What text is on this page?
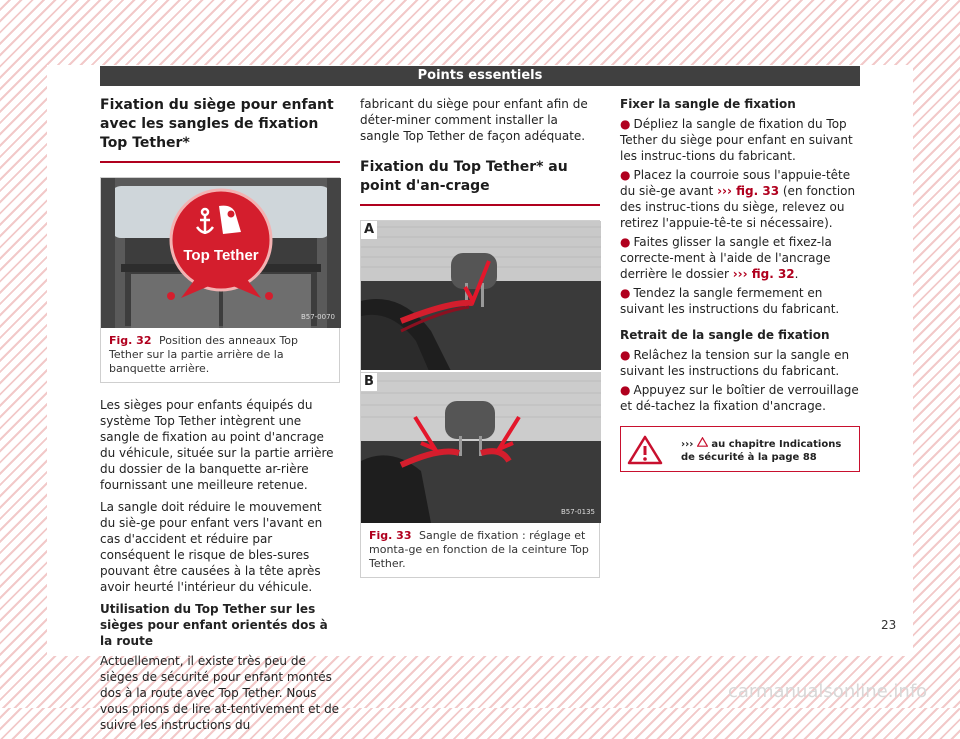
Points essentiels
Fixation du siège pour enfant avec les sangles de fixation Top Tether*
Top Tether
B57-0070
Fig. 32 Position des anneaux Top Tether sur la partie arrière de la banquette arrière.

Les sièges pour enfants équipés du système Top Tether intègrent une sangle de fixation au point d'ancrage du véhicule, située sur la partie arrière du dossier de la banquette ar-rière fournissant une meilleure retenue.

La sangle doit réduire le mouvement du siè-ge pour enfant vers l'avant en cas d'accident et réduire par conséquent le risque de bles-sures pouvant être causées à la tête après avoir heurté l'intérieur du véhicule.

Utilisation du Top Tether sur les sièges pour enfant orientés dos à la route

Actuellement, il existe très peu de sièges de sécurité pour enfant montés dos à la route avec Top Tether. Nous vous prions de lire at-tentivement et de suivre les instructions du

fabricant du siège pour enfant afin de déter-miner comment installer la sangle Top Tether de façon adéquate.

Fixation du Top Tether* au point d'an-crage
A
B
B57-0135
Fig. 33 Sangle de fixation : réglage et monta-ge en fonction de la ceinture Top Tether.
Fixer la sangle de fixation

● Dépliez la sangle de fixation du Top Tether du siège pour enfant en suivant les instruc-tions du fabricant.

● Placez la courroie sous l'appuie-tête du siè-ge avant ››› fig. 33 (en fonction des instruc-tions du siège, relevez ou retirez l'appuie-tê-te si nécessaire).

● Faites glisser la sangle et fixez-la correcte-ment à l'aide de l'ancrage derrière le dossier ››› fig. 32.

● Tendez la sangle fermement en suivant les instructions du fabricant.

Retrait de la sangle de fixation

● Relâchez la tension sur la sangle en suivant les instructions du fabricant.

● Appuyez sur le boîtier de verrouillage et dé-tachez la fixation d'ancrage.

››› au chapitre Indications de sécurité à la page 88
23
carmanualsonline.info
